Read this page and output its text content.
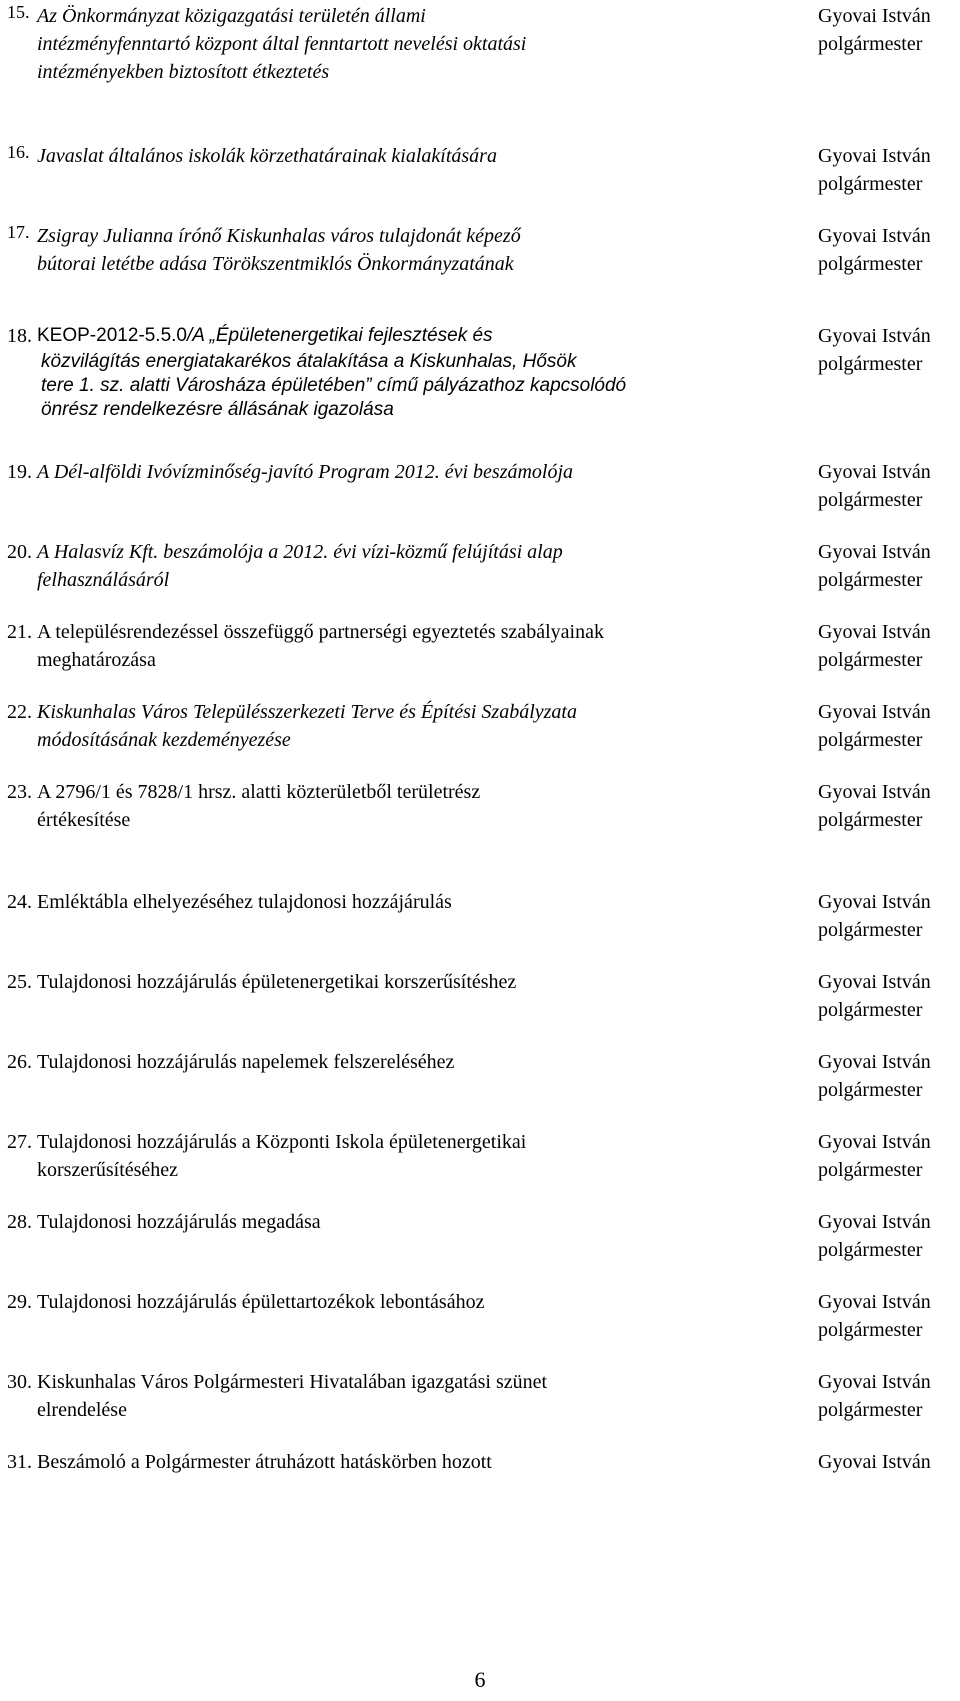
15. Az Önkormányzat közigazgatási területén állami
intézményfenntartó központ által fenntartott nevelési oktatási
intézményekben biztosított étkeztetés
Gyovai István
polgármester
16. Javaslat általános iskolák körzethatárainak kialakítására	Gyovai István
polgármester
17. Zsigray Julianna írónő Kiskunhalas város tulajdonát képező
bútorai letétbe adása Törökszentmiklós Önkormányzatának
Gyovai István
polgármester
18. KEOP-2012-5.5.0/A „Épületenergetikai fejlesztések és
közvilágítás energiatakarékos átalakítása a Kiskunhalas, Hősök
tere 1. sz. alatti Városháza épületében” című pályázathoz kapcsolódó
önrész rendelkezésre állásának igazolása
Gyovai István
polgármester
19. A Dél-alföldi Ivóvízminőség-javító Program 2012. évi beszámolója	Gyovai István
polgármester
20. A Halasvíz Kft. beszámolója a 2012. évi vízi-közmű felújítási alap
felhasználásáról
Gyovai István
polgármester
21. A településrendezéssel összefüggő partnerségi egyeztetés szabályainak
meghatározása
Gyovai István
polgármester
22. Kiskunhalas Város Településszerkezeti Terve és Építési Szabályzata
módosításának kezdeményezése
Gyovai István
polgármester
23. A 2796/1 és 7828/1 hrsz. alatti közterületből területrész
értékesítése
Gyovai István
polgármester
24. Emléktábla elhelyezéséhez tulajdonosi hozzájárulás	Gyovai István
polgármester
25. Tulajdonosi hozzájárulás épületenergetikai korszerűsítéshez	Gyovai István
polgármester
26. Tulajdonosi hozzájárulás napelemek felszereléséhez	Gyovai István
polgármester
27. Tulajdonosi hozzájárulás a Központi Iskola épületenergetikai
korszerűsítéséhez
Gyovai István
polgármester
28. Tulajdonosi hozzájárulás megadása	Gyovai István
polgármester
29. Tulajdonosi hozzájárulás épülettartozékok lebontásához	Gyovai István
polgármester
30. Kiskunhalas Város Polgármesteri Hivatalában igazgatási szünet
elrendelése
Gyovai István
polgármester
31. Beszámoló a Polgármester átruházott hatáskörben hozott	Gyovai István
6
